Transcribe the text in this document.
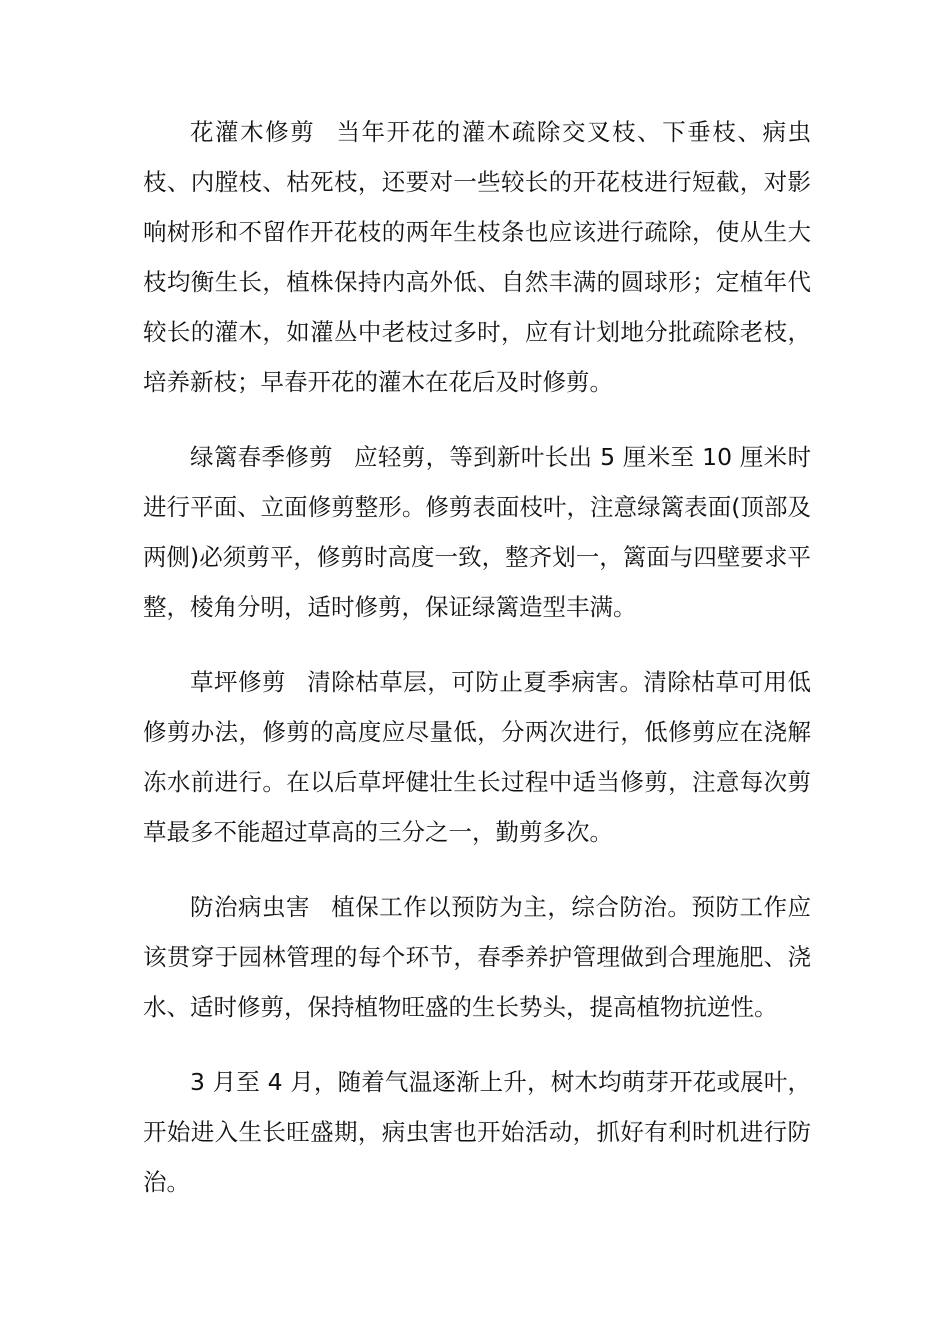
花灌木修剪 当年开花的灌木疏除交叉枝、下垂枝、病虫枝、内膛枝、枯死枝，还要对一些较长的开花枝进行短截，对影响树形和不留作开花枝的两年生枝条也应该进行疏除，使从生大枝均衡生长，植株保持内高外低、自然丰满的圆球形；定植年代较长的灌木，如灌丛中老枝过多时，应有计划地分批疏除老枝，培养新枝；早春开花的灌木在花后及时修剪。

绿篱春季修剪 应轻剪，等到新叶长出 5 厘米至 10 厘米时进行平面、立面修剪整形。修剪表面枝叶，注意绿篱表面(顶部及两侧)必须剪平，修剪时高度一致，整齐划一，篱面与四壁要求平整，棱角分明，适时修剪，保证绿篱造型丰满。

草坪修剪 清除枯草层，可防止夏季病害。清除枯草可用低修剪办法，修剪的高度应尽量低，分两次进行，低修剪应在浇解冻水前进行。在以后草坪健壮生长过程中适当修剪，注意每次剪草最多不能超过草高的三分之一，勤剪多次。

防治病虫害 植保工作以预防为主，综合防治。预防工作应该贯穿于园林管理的每个环节，春季养护管理做到合理施肥、浇水、适时修剪，保持植物旺盛的生长势头，提高植物抗逆性。

3 月至 4 月，随着气温逐渐上升，树木均萌芽开花或展叶，开始进入生长旺盛期，病虫害也开始活动，抓好有利时机进行防治。
